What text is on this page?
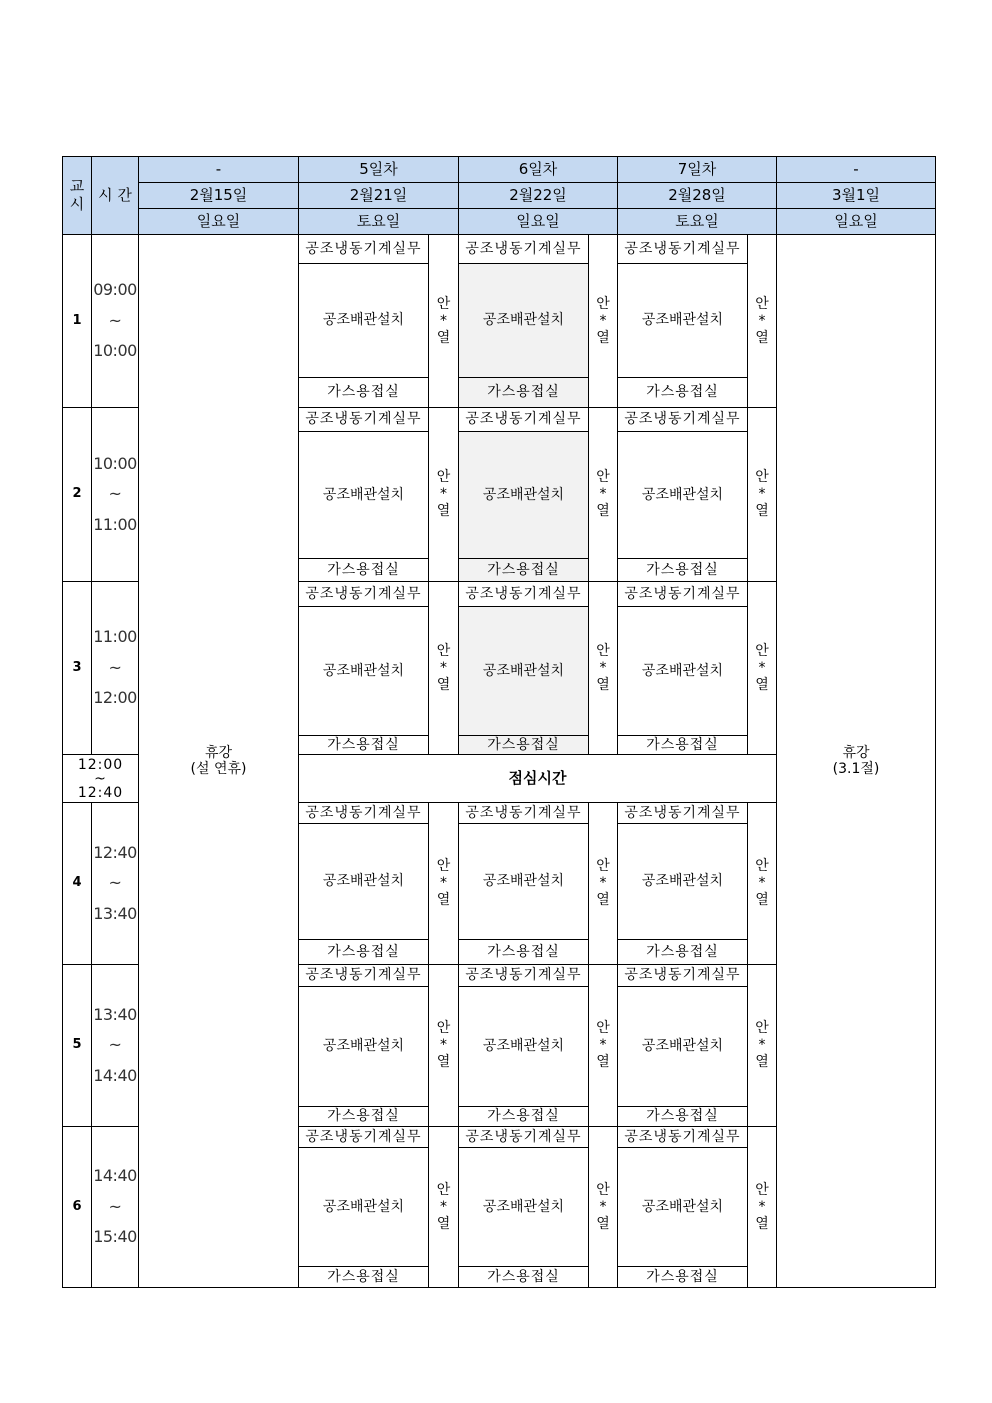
교
시 시 간
-
2월15일
일요일
5일차
2월21일
토요일
6일차
2월22일
일요일
7일차
2월28일
토요일
-
3월1일
일요일
1
09:00
~
10:00
공조냉동기계실무
공조배관설치
가스용접실
안
*
열
공조냉동기계실무
공조배관설치
가스용접실
안
*
열
공조냉동기계실무
공조배관설치
가스용접실
안
*
열
2
10:00
~
11:00
공조냉동기계실무
공조배관설치
가스용접실
안
*
열
공조냉동기계실무
공조배관설치
가스용접실
안
*
열
공조냉동기계실무
공조배관설치
가스용접실
안
*
열
3
11:00
~
12:00
공조냉동기계실무
공조배관설치
가스용접실
안
*
열
공조냉동기계실무
공조배관설치
가스용접실
안
*
열
공조냉동기계실무
공조배관설치
가스용접실
안
*
열
4
12:40
~
13:40
공조냉동기계실무
공조배관설치
가스용접실
안
*
열
공조냉동기계실무
공조배관설치
가스용접실
안
*
열
공조냉동기계실무
공조배관설치
가스용접실
안
*
열
5
13:40
~
14:40
공조냉동기계실무
공조배관설치
가스용접실
안
*
열
공조냉동기계실무
공조배관설치
가스용접실
안
*
열
공조냉동기계실무
공조배관설치
가스용접실
안
*
열
6
14:40
~
15:40
공조냉동기계실무
공조배관설치
가스용접실
안
*
열
공조냉동기계실무
공조배관설치
가스용접실
안
*
열
공조냉동기계실무
공조배관설치
가스용접실
안
*
열
12:00
~
12:40
점심시간
휴강
(설 연휴)
휴강
(3.1절)
